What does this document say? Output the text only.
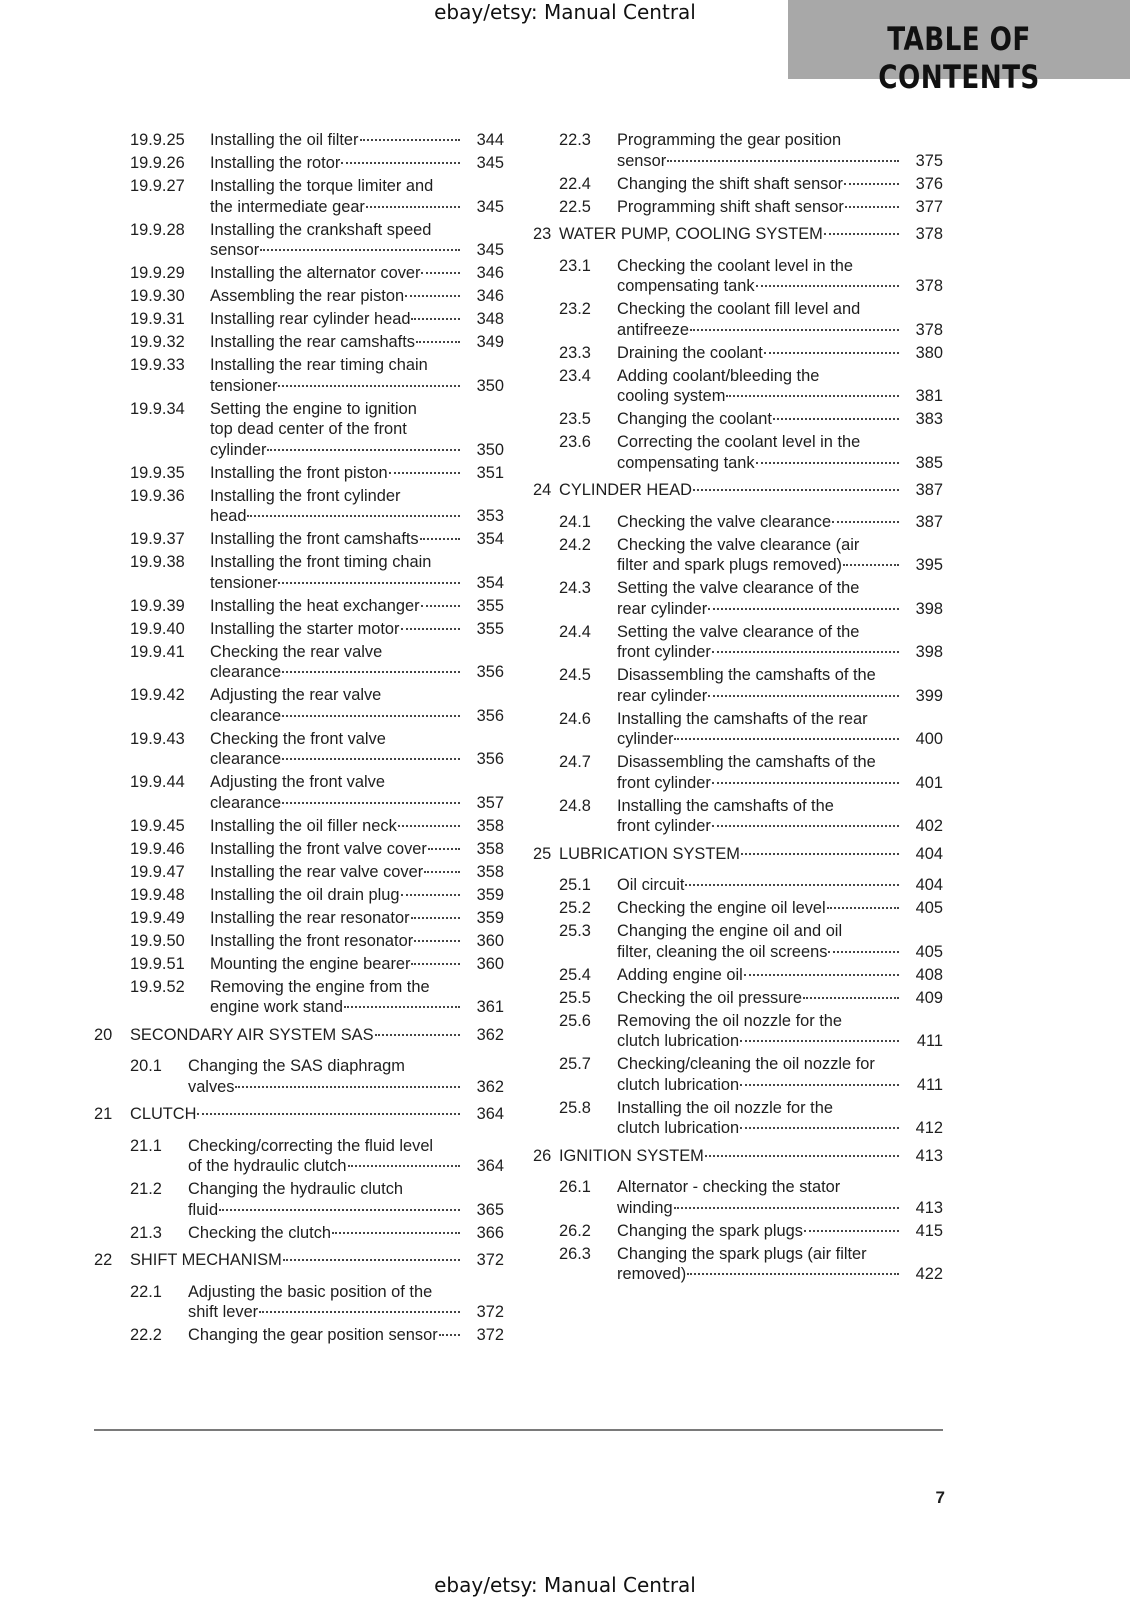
ebay/etsy: Manual Central
TABLE OF CONTENTS
19.9.25 Installing the oil filter	344
19.9.26 Installing the rotor	345
19.9.27 Installing the torque limiter and
the intermediate gear	345
19.9.28 Installing the crankshaft speed
sensor	345
19.9.29 Installing the alternator cover	346
19.9.30 Assembling the rear piston	346
19.9.31 Installing rear cylinder head	348
19.9.32 Installing the rear camshafts	349
19.9.33 Installing the rear timing chain
tensioner	350
19.9.34 Setting the engine to ignition
top dead center of the front
cylinder	350
19.9.35 Installing the front piston	351
19.9.36 Installing the front cylinder
head	353
19.9.37 Installing the front camshafts	354
19.9.38 Installing the front timing chain
tensioner	354
19.9.39 Installing the heat exchanger	355
19.9.40 Installing the starter motor	355
19.9.41 Checking the rear valve
clearance	356
19.9.42 Adjusting the rear valve
clearance	356
19.9.43 Checking the front valve
clearance	356
19.9.44 Adjusting the front valve
clearance	357
19.9.45 Installing the oil filler neck	358
19.9.46 Installing the front valve cover	358
19.9.47 Installing the rear valve cover	358
19.9.48 Installing the oil drain plug	359
19.9.49 Installing the rear resonator	359
19.9.50 Installing the front resonator	360
19.9.51 Mounting the engine bearer	360
19.9.52 Removing the engine from the
engine work stand	361
20 SECONDARY AIR SYSTEM SAS	362
20.1 Changing the SAS diaphragm
valves	362
21 CLUTCH	364
21.1 Checking/correcting the fluid level
of the hydraulic clutch	364
21.2 Changing the hydraulic clutch
fluid	365
21.3 Checking the clutch	366
22 SHIFT MECHANISM	372
22.1 Adjusting the basic position of the
shift lever	372
22.2 Changing the gear position sensor 372
22.3 Programming the gear position
sensor	375
22.4 Changing the shift shaft sensor	376
22.5 Programming shift shaft sensor	377
23 WATER PUMP, COOLING SYSTEM	378
23.1 Checking the coolant level in the
compensating tank	378
23.2 Checking the coolant fill level and
antifreeze	378
23.3 Draining the coolant	380
23.4 Adding coolant/bleeding the
cooling system	381
23.5 Changing the coolant	383
23.6 Correcting the coolant level in the
compensating tank	385
24 CYLINDER HEAD	387
24.1 Checking the valve clearance	387
24.2 Checking the valve clearance (air
filter and spark plugs removed)	395
24.3 Setting the valve clearance of the
rear cylinder	398
24.4 Setting the valve clearance of the
front cylinder	398
24.5 Disassembling the camshafts of the
rear cylinder	399
24.6 Installing the camshafts of the rear
cylinder	400
24.7 Disassembling the camshafts of the
front cylinder	401
24.8 Installing the camshafts of the
front cylinder	402
25 LUBRICATION SYSTEM	404
25.1 Oil circuit	404
25.2 Checking the engine oil level	405
25.3 Changing the engine oil and oil
filter, cleaning the oil screens	405
25.4 Adding engine oil	408
25.5 Checking the oil pressure	409
25.6 Removing the oil nozzle for the
clutch lubrication	411
25.7 Checking/cleaning the oil nozzle for
clutch lubrication	411
25.8 Installing the oil nozzle for the
clutch lubrication	412
26 IGNITION SYSTEM	413
26.1 Alternator - checking the stator
winding	413
26.2 Changing the spark plugs	415
26.3 Changing the spark plugs (air filter
removed)	422
7
ebay/etsy: Manual Central
